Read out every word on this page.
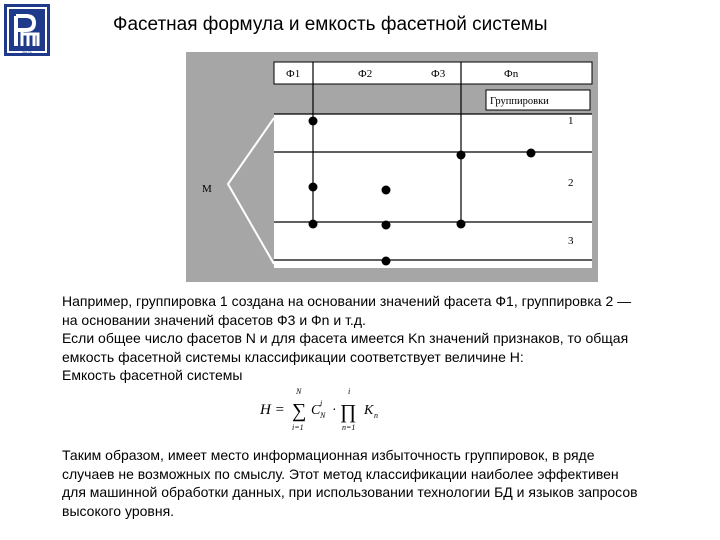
ВШЭ
Фасетная формула и емкость фасетной системы
Ф1	Ф2	Ф3	Фn
Группировки
M
1
2
3
Например, группировка 1 создана на основании значений фасета Ф1, группировка 2 —
на основании значений фасетов Ф3 и Фn и т.д.
Если общее число фасетов N и для фасета имеется Kn значений признаков, то общая
емкость фасетной системы классификации соответствует величине H:
Емкость фасетной системы
H = ∑
N
i=1
C i
N · ∏
i
n=1
K n
Таким образом, имеет место информационная избыточность группировок, в ряде
случаев не возможных по смыслу. Этот метод классификации наиболее эффективен
для машинной обработки данных, при использовании технологии БД и языков запросов
высокого уровня.
